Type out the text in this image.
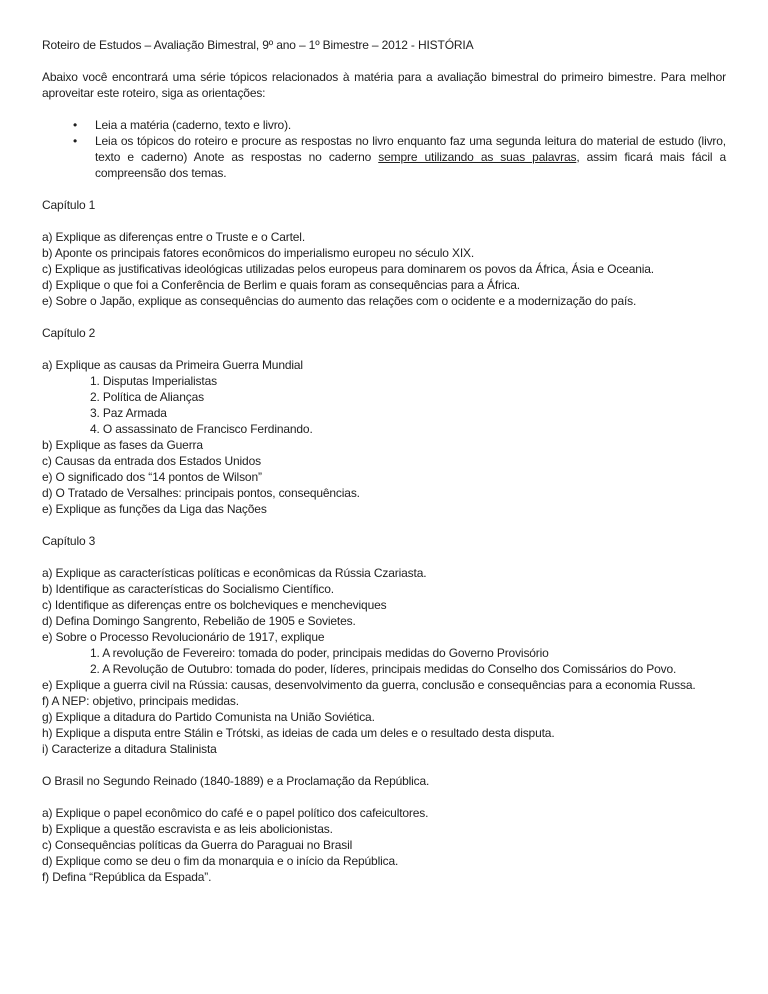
Roteiro de Estudos – Avaliação Bimestral, 9º ano – 1º Bimestre – 2012 - HISTÓRIA

Abaixo você encontrará uma série tópicos relacionados à matéria para a avaliação bimestral do primeiro bimestre. Para melhor aproveitar este roteiro, siga as orientações:

• Leia a matéria (caderno, texto e livro).
• Leia os tópicos do roteiro e procure as respostas no livro enquanto faz uma segunda leitura do material de estudo (livro, texto e caderno) Anote as respostas no caderno sempre utilizando as suas palavras, assim ficará mais fácil a compreensão dos temas.

Capítulo 1

a) Explique as diferenças entre o Truste e o Cartel.

b) Aponte os principais fatores econômicos do imperialismo europeu no século XIX.

c) Explique as justificativas ideológicas utilizadas pelos europeus para dominarem os povos da África, Ásia e Oceania.

d) Explique o que foi a Conferência de Berlim e quais foram as consequências para a África.

e) Sobre o Japão, explique as consequências do aumento das relações com o ocidente e a modernização do país.

Capítulo 2

a) Explique as causas da Primeira Guerra Mundial

1. Disputas Imperialistas

2. Política de Alianças

3. Paz Armada

4. O assassinato de Francisco Ferdinando.

b) Explique as fases da Guerra

c) Causas da entrada dos Estados Unidos

e) O significado dos “14 pontos de Wilson”

d) O Tratado de Versalhes: principais pontos, consequências.

e) Explique as funções da Liga das Nações

Capítulo 3

a) Explique as características políticas e econômicas da Rússia Czariasta.

b) Identifique as características do Socialismo Científico.

c) Identifique as diferenças entre os bolcheviques e mencheviques

d) Defina Domingo Sangrento, Rebelião de 1905 e Sovietes.

e) Sobre o Processo Revolucionário de 1917, explique

1. A revolução de Fevereiro: tomada do poder, principais medidas do Governo Provisório

2. A Revolução de Outubro: tomada do poder, líderes, principais medidas do Conselho dos Comissários do Povo.

e) Explique a guerra civil na Rússia: causas, desenvolvimento da guerra, conclusão e consequências para a economia Russa.

f) A NEP: objetivo, principais medidas.

g) Explique a ditadura do Partido Comunista na União Soviética.

h) Explique a disputa entre Stálin e Trótski, as ideias de cada um deles e o resultado desta disputa.

i) Caracterize a ditadura Stalinista

O Brasil no Segundo Reinado (1840-1889) e a Proclamação da República.

a) Explique o papel econômico do café e o papel político dos cafeicultores.

b) Explique a questão escravista e as leis abolicionistas.

c) Consequências políticas da Guerra do Paraguai no Brasil

d) Explique como se deu o fim da monarquia e o início da República.

f) Defina “República da Espada”.
